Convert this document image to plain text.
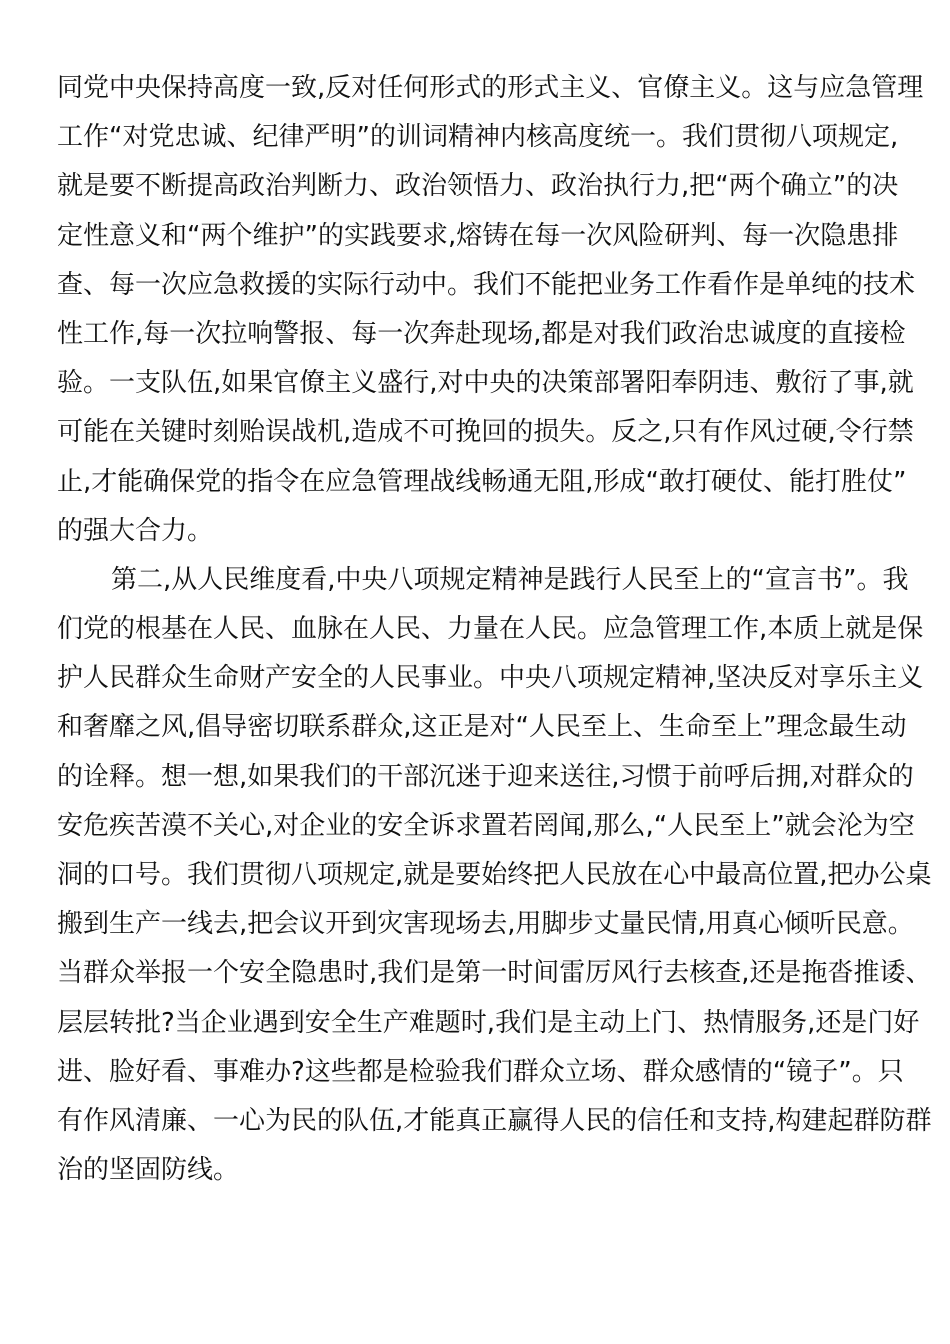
同党中央保持高度一致,反对任何形式的形式主义、官僚主义。这与应急管理
工作“对党忠诚、纪律严明”的训词精神内核高度统一。我们贯彻八项规定,
就是要不断提高政治判断力、政治领悟力、政治执行力,把“两个确立”的决
定性意义和“两个维护”的实践要求,熔铸在每一次风险研判、每一次隐患排
查、每一次应急救援的实际行动中。我们不能把业务工作看作是单纯的技术
性工作,每一次拉响警报、每一次奔赴现场,都是对我们政治忠诚度的直接检
验。一支队伍,如果官僚主义盛行,对中央的决策部署阳奉阴违、敷衍了事,就
可能在关键时刻贻误战机,造成不可挽回的损失。反之,只有作风过硬,令行禁
止,才能确保党的指令在应急管理战线畅通无阻,形成“敢打硬仗、能打胜仗”
的强大合力。
第二,从人民维度看,中央八项规定精神是践行人民至上的“宣言书”。我
们党的根基在人民、血脉在人民、力量在人民。应急管理工作,本质上就是保
护人民群众生命财产安全的人民事业。中央八项规定精神,坚决反对享乐主义
和奢靡之风,倡导密切联系群众,这正是对“人民至上、生命至上”理念最生动
的诠释。想一想,如果我们的干部沉迷于迎来送往,习惯于前呼后拥,对群众的
安危疾苦漠不关心,对企业的安全诉求置若罔闻,那么,“人民至上”就会沦为空
洞的口号。我们贯彻八项规定,就是要始终把人民放在心中最高位置,把办公桌
搬到生产一线去,把会议开到灾害现场去,用脚步丈量民情,用真心倾听民意。
当群众举报一个安全隐患时,我们是第一时间雷厉风行去核查,还是拖沓推诿、
层层转批?当企业遇到安全生产难题时,我们是主动上门、热情服务,还是门好
进、脸好看、事难办?这些都是检验我们群众立场、群众感情的“镜子”。只
有作风清廉、一心为民的队伍,才能真正赢得人民的信任和支持,构建起群防群
治的坚固防线。
